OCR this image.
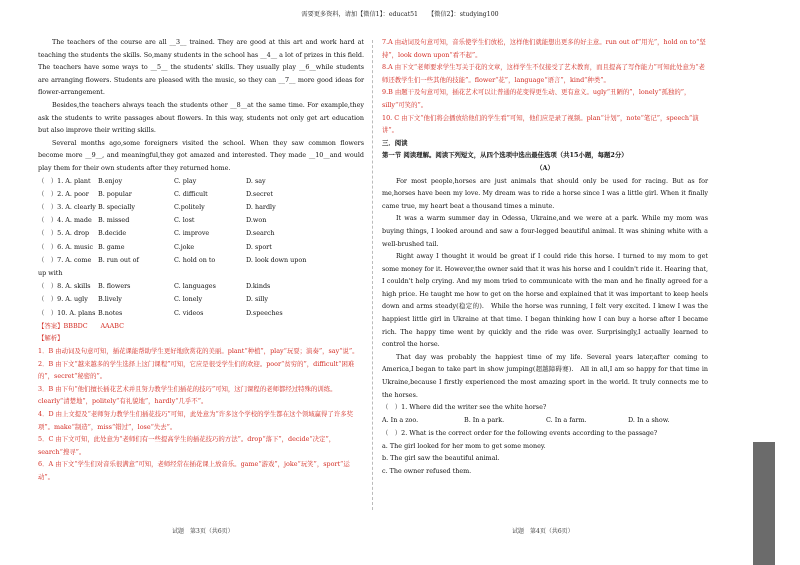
需要更多资料，请加【微信1】：educat51 【微信2】：studying100

The teachers of the course are all __3__ trained. They are good at this art and work hard at teaching the students the skills. So,many students in the school has __4__ a lot of prizes in this field. The teachers have some ways to __5__ the students' skills. They usually play __6__while students are arranging flowers. Students are pleased with the music, so they can __7__ more good ideas for flower-arrangement.

Besides,the teachers always teach the students other __8__at the same time. For example,they ask the students to write passages about flowers. In this way, students not only get art education but also improve their writing skills.

Several months ago,some foreigners visited the school. When they saw common flowers become more __9__, and meaningful,they got amazed and interested. They made __10__and would play them for their own students after they returned home.

（　）1. A. plant	B.enjoy	C. play	D. say
（　）2. A. poor	B. popular	C. difficult	D.secret
（　）3. A. clearly B. specially	C.politely	D. hardly
（　）4. A. made B. missed	C. lost	D.won
（　）5. A. drop	B.decide	C. improve	D.search
（　）6. A. music B. game	C.joke	D. sport
（　）7. A. come up with
B. run out of	C. hold on to	D. look down upon
（　）8. A. skills	B. flowers	C. languages	D.kinds
（　）9. A. ugly	B.lively	C. lonely	D. silly
（　）10. A. plans B.notes	C. videos	D.speeches

【答案】BBBDC　　AAABC

【解析】

1．B 由动词及句意可知，插花课能帮助学生更好地欣赏花的美丽。plant“种植”，play“玩耍；演奏”，say“说”。

2．B 由下文“越来越多的学生选择上这门课程”可知，它应是很受学生们的欢迎。poor“贫穷的”，difficult“困难的”，secret“秘密的”。

3．B 由下句“他们擅长插花艺术并且努力教学生们插花的技巧”可知，这门课程的老师都经过特殊的训练。clearly“清楚地”，politely“有礼貌地”，hardly“几乎不”。

4．D 由上文提及“老师努力教学生们插花技巧”可知，此处意为“许多这个学校的学生都在这个领域赢得了许多奖项”。make“制造”，miss“错过”，lose“失去”。

5．C 由下文可知，此处意为“老师们有一些提高学生的插花技巧的方法”。drop“落下”，decide“决定”，search“搜寻”。

6．A 由下文“学生们对音乐很满意”可知，老师经常在插花课上放音乐。game“游戏”，joke“玩笑”，sport“运动”。

7.A 由动词及句意可知，音乐使学生们放松，这样他们就能想出更多的好主意。run out of“用光”，hold on to“坚持”，look down upon“看不起”。

8.A 由下文“老师要求学生写关于花的文章，这样学生不仅接受了艺术教育，而且提高了写作能力”可知此处意为“老师还教学生们一些其他的技能”。flower“花”，language“语言”，kind“种类”。

9.B 由题干及句意可知，插花艺术可以让普通的花变得更生动、更有意义。ugly“丑陋的”，lonely“孤独的”，silly“可笑的”。

10. C 由下文“他们将会播放给他们的学生看”可知，他们应是录了视频。plan“计划”，note“笔记”，speech“演讲”。

三．阅读

第一节 阅读理解。阅读下列短文，从四个选项中选出最佳选项（共15小题，每题2分）

（A）

For most people,horses are just animals that should only be used for racing. But as for me,horses have been my love. My dream was to ride a horse since I was a little girl. When it finally came true, my heart beat a thousand times a minute.

It was a warm summer day in Odessa, Ukraine,and we were at a park. While my mom was buying things, I looked around and saw a four-legged beautiful animal. It was shining white with a well-brushed tail.

Right away I thought it would be great if I could ride this horse. I turned to my mom to get some money for it. However,the owner said that it was his horse and I couldn't ride it. Hearing that, I couldn't help crying. And my mom tried to communicate with the man and he finally agreed for a high price. He taught me how to get on the horse and explained that it was important to keep heels down and arms steady(稳定的).　While the horse was running, I felt very excited. I knew I was the happiest little girl in Ukraine at that time. I began thinking how I can buy a horse after I became rich. The happy time went by quickly and the ride was over. Surprisingly,I actually learned to control the horse.

That day was probably the happiest time of my life. Several years later,after coming to America,I began to take part in show jumping(超越障碍赛).　All in all,I am so happy for that time in Ukraine,because I firstly experienced the most amazing sport in the world. It truly connects me to the horses.

（　）1. Where did the writer see the white horse?

A. In a zoo.	B. In a park.	C. In a farm.	D. In a show.

（　）2. What is the correct order for the following events according to the passage?

a. The girl looked for her mom to get some money.

b. The girl saw the beautiful animal.

c. The owner refused them.

试题　第3页（共6页）	试题　第4页（共6页）
